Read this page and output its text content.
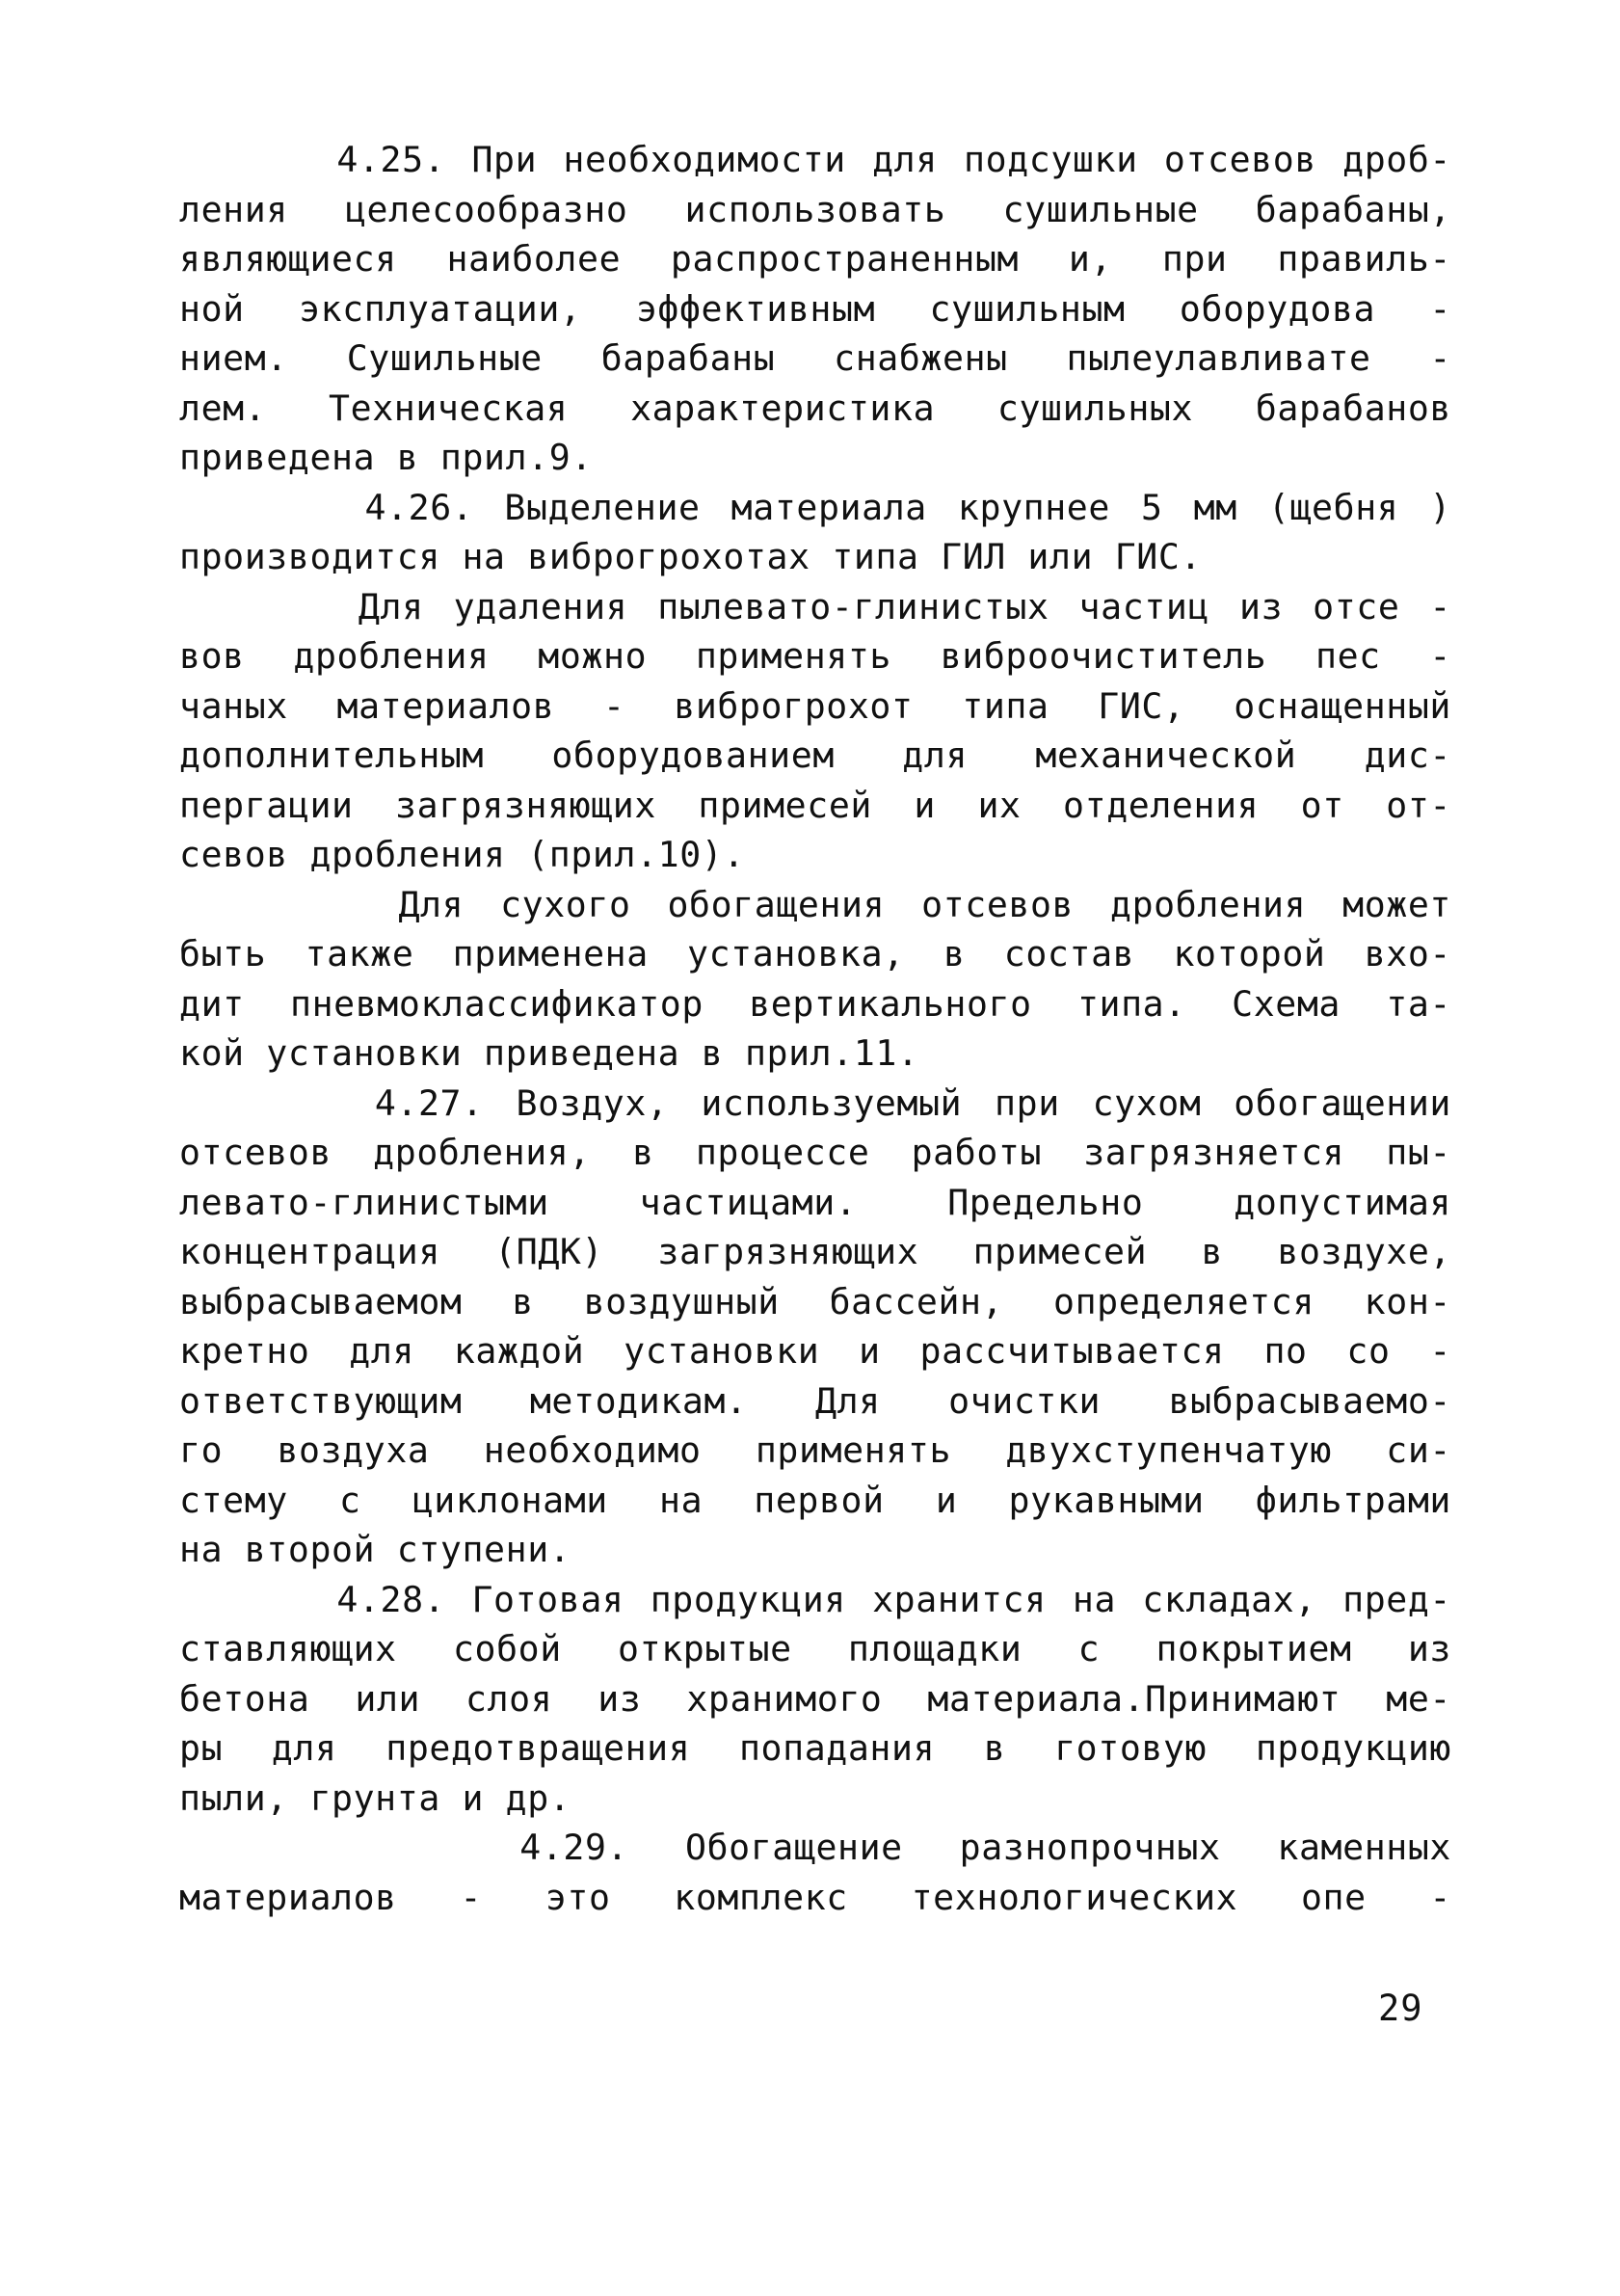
4.25. При необходимости для подсушки отсевов дроб-
ления целесообразно использовать сушильные барабаны,
являющиеся наиболее распространенным и, при правиль-
ной эксплуатации, эффективным сушильным оборудова -
нием. Сушильные барабаны снабжены пылеулавливате -
лем. Техническая характеристика сушильных барабанов
приведена в прил.9.
4.26. Выделение материала крупнее 5 мм (щебня )
производится на виброгрохотах типа ГИЛ или ГИС.
Для удаления пылевато-глинистых частиц из отсе -
вов дробления можно применять виброочиститель пес -
чаных материалов - виброгрохот типа ГИС, оснащенный
дополнительным оборудованием для механической дис-
пергации загрязняющих примесей и их отделения от от-
севов дробления (прил.10).
Для сухого обогащения отсевов дробления может
быть также применена установка, в состав которой вхо-
дит пневмоклассификатор вертикального типа. Схема та-
кой установки приведена в прил.11.
4.27. Воздух, используемый при сухом обогащении
отсевов дробления, в процессе работы загрязняется пы-
левато-глинистыми частицами. Предельно допустимая
концентрация (ПДК) загрязняющих примесей в воздухе,
выбрасываемом в воздушный бассейн, определяется кон-
кретно для каждой установки и рассчитывается по со -
ответствующим методикам. Для очистки выбрасываемо-
го воздуха необходимо применять двухступенчатую си-
стему с циклонами на первой и рукавными фильтрами
на второй ступени.
4.28. Готовая продукция хранится на складах, пред-
ставляющих собой открытые площадки с покрытием из
бетона или слоя из хранимого материала.Принимают ме-
ры для предотвращения попадания в готовую продукцию
пыли, грунта и др.
4.29. Обогащение разнопрочных каменных
материалов - это комплекс технологических опе -
29
